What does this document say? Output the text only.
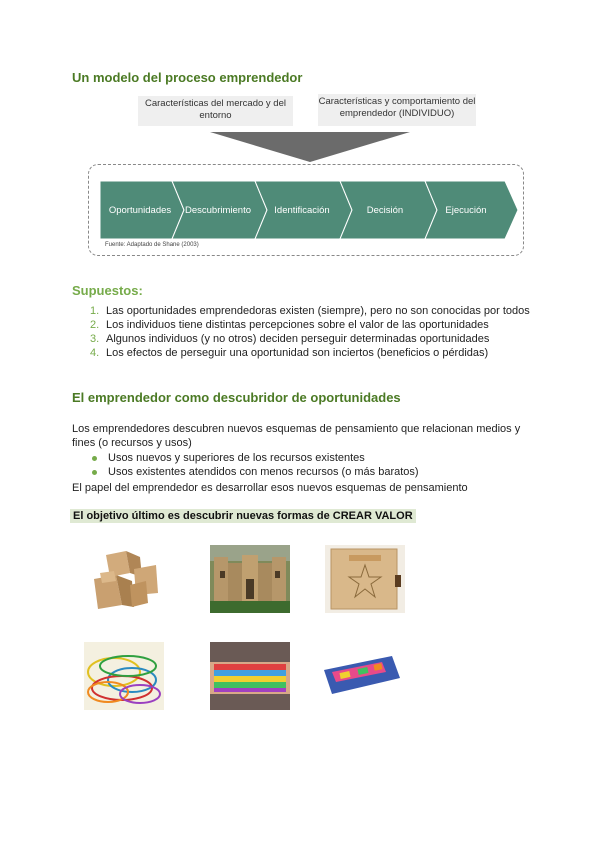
Un modelo del proceso emprendedor
Características del mercado y del entorno
Características y comportamiento del emprendedor (INDIVIDUO)
Oportunidades	Descubrimiento	Identificación	Decisión	Ejecución
Fuente: Adaptado de Shane (2003)
Supuestos:
1. Las oportunidades emprendedoras existen (siempre), pero no son conocidas por todos
2. Los individuos tiene distintas percepciones sobre el valor de las oportunidades
3. Algunos individuos (y no otros) deciden perseguir determinadas oportunidades
4. Los efectos de perseguir una oportunidad son inciertos (beneficios o pérdidas)
El emprendedor como descubridor de oportunidades
Los emprendedores descubren nuevos esquemas de pensamiento que relacionan medios y fines (o recursos y usos)
Usos nuevos y superiores de los recursos existentes
Usos existentes atendidos con menos recursos (o más baratos)
El papel del emprendedor es desarrollar esos nuevos esquemas de pensamiento
El objetivo último es descubrir nuevas formas de CREAR VALOR
